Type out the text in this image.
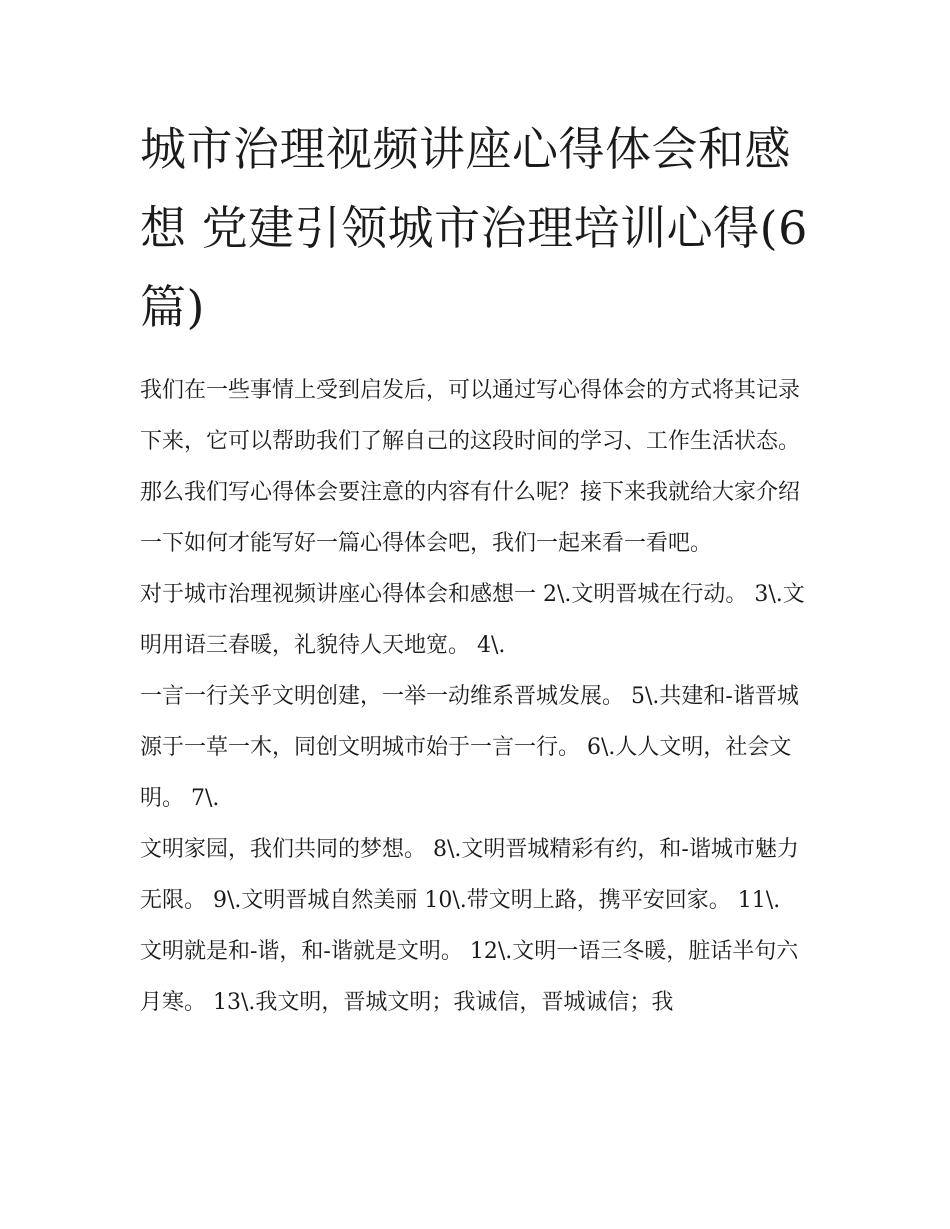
城市治理视频讲座心得体会和感想 党建引领城市治理培训心得(6篇)

我们在一些事情上受到启发后，可以通过写心得体会的方式将其记录下来，它可以帮助我们了解自己的这段时间的学习、工作生活状态。那么我们写心得体会要注意的内容有什么呢？接下来我就给大家介绍一下如何才能写好一篇心得体会吧，我们一起来看一看吧。

对于城市治理视频讲座心得体会和感想一 2\.文明晋城在行动。 3\.文明用语三春暖，礼貌待人天地宽。 4\.

一言一行关乎文明创建，一举一动维系晋城发展。 5\.共建和-谐晋城源于一草一木，同创文明城市始于一言一行。 6\.人人文明，社会文明。 7\.

文明家园，我们共同的梦想。 8\.文明晋城精彩有约，和-谐城市魅力无限。 9\.文明晋城自然美丽 10\.带文明上路，携平安回家。 11\.

文明就是和-谐，和-谐就是文明。 12\.文明一语三冬暖，脏话半句六月寒。 13\.我文明，晋城文明；我诚信，晋城诚信；我
